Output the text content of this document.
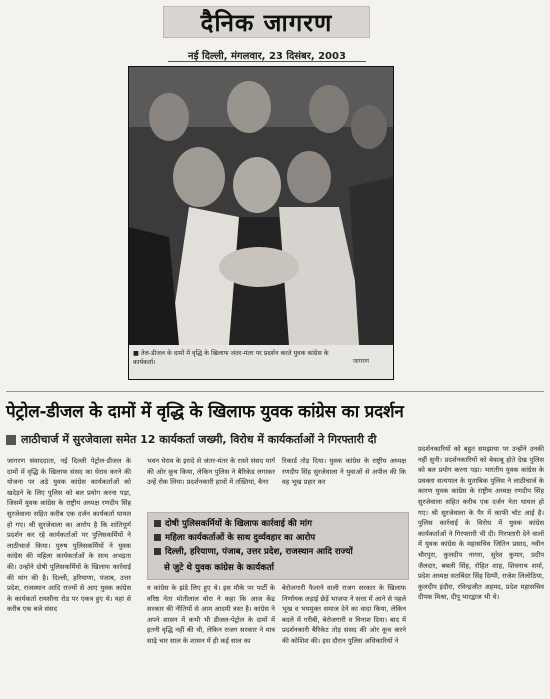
दैनिक जागरण
नई दिल्ली, मंगलवार, 23 दिसंबर, 2003
■ तेल-डीजल के दामों में वृद्धि के खिलाफ जंतर-मंतर पर प्रदर्शन करते युवक कांग्रेस के कार्यकर्ता।	जागरण
पेट्रोल-डीजल के दामों में वृद्धि के खिलाफ युवक कांग्रेस का प्रदर्शन
लाठीचार्ज में सुरजेवाला समेत 12 कार्यकर्ता जख्मी, विरोध में कार्यकर्ताओं ने गिरफ्तारी दी
जागरण संवाददाता, नई दिल्ली पेट्रोल-डीजल के दामों में वृद्धि के खिलाफ संसद का घेराव करने की योजना पर अड़े युवक कांग्रेस कार्यकर्ताओं को खदेड़ने के लिए पुलिस को बल प्रयोग करना पड़ा, जिसमें युवक कांग्रेस के राष्ट्रीय अध्यक्ष रणदीप सिंह सुरजेवाला सहित करीब एक दर्जन कार्यकर्ता घायल हो गए। श्री सुरजेवाला का आरोप है कि शांतिपूर्ण प्रदर्शन कर रहे कार्यकर्ताओं पर पुलिसकर्मियों ने लाठीचार्ज किया। पुरुष पुलिसकर्मियों ने युवक कांग्रेस की महिला कार्यकर्ताओं के साथ अभद्रता की। उन्होंने दोषी पुलिसकर्मियों के खिलाफ कार्रवाई की मांग की है। दिल्ली, हरियाणा, पंजाब, उत्तर प्रदेश, राजस्थान आदि राज्यों से आए युवक कांग्रेस के कार्यकर्ता रायसीना रोड पर एकत्र हुए थे। यहां से करीब एक बजे संसद
भवन घेराव के इरादे से जंतर-मंतर के रास्ते संसद मार्ग की ओर कूच किया, लेकिन पुलिस ने बैरिकेड लगाकर उन्हें रोक लिया। प्रदर्शनकारी हाथों में तख्तियां, बैनर
रिकार्ड तोड़ दिया। युवक कांग्रेस के राष्ट्रीय अध्यक्ष रणदीप सिंह सुरजेवाला ने युवाओं से अपील की कि वह भूख प्रहार कर
प्रदर्शनकारियों को बहुत समझाया पर उन्होंने उनकी नहीं सुनी। प्रदर्शनकारियों को बेकाबू होते देख पुलिस को बल प्रयोग करना पड़ा। भारतीय युवक कांग्रेस के प्रवक्ता सत्यपाल के मुताबिक पुलिस ने लाठीचार्ज के कारण युवक कांग्रेस के राष्ट्रीय अध्यक्ष रणदीप सिंह सुरजेवाला सहित करीब एक दर्जन नेता घायल हो गए। श्री सुरजेवाला के पैर में काफी चोट आई है। पुलिस कार्रवाई के विरोध में युवक कांग्रेस कार्यकर्ताओं ने गिरफ्तारी भी दी। गिरफ्तारी देने वालों में युवक कांग्रेस के महासचिव जितिन प्रसाद, नवीन चौरपुरा, कुलदीप नागरा, सुरेश कुमार, प्रदीप जैलदार, बबली सिंह, रोहित शाह, शिवनाथ शर्मा, प्रदेश अध्यक्ष सतबिंदर सिंह दिम्पी, राजेश लिलोठिया, कुलदीप इंदौरा, रविन्द्रजीत अहमद, प्रदेश महासचिव दीपक मिश्रा, दीपू भारद्वाज भी थे।
दोषी पुलिसकर्मियों के खिलाफ कार्रवाई की मांग
महिला कार्यकर्ताओं के साथ दुर्व्यवहार का आरोप
दिल्ली, हरियाणा, पंजाब, उत्तर प्रदेश, राजस्थान आदि राज्यों
से जुटे थे युवक कांग्रेस के कार्यकर्ता
व कांग्रेस के झंडे लिए हुए थे। इस मौके पर पार्टी के वरिष्ठ नेता मोतीलाल वोरा ने कहा कि आज केंद्र सरकार की नीतियों से आम आदमी त्रस्त है। कांग्रेस ने अपने शासन में कभी भी डीजल-पेट्रोल के दामों में इतनी वृद्धि नहीं की थी, लेकिन राजग सरकार ने मात्र साढ़े चार साल के शासन में ही कई साल का
बेरोजगारी फैलाने वाली राजग सरकार के खिलाफ निर्णायक लड़ाई छेड़ें भाजपा ने सत्ता में आने से पहले भूख व भयमुक्त समाज देने का वादा किया, लेकिन बदले में गरीबी, बेरोजगारी व विनाश दिया। बाद में प्रदर्शनकारी बैरिकेट तोड़ संसद की ओर कूच करने की कोशिश की। इस दौरान पुलिस अधिकारियों ने
